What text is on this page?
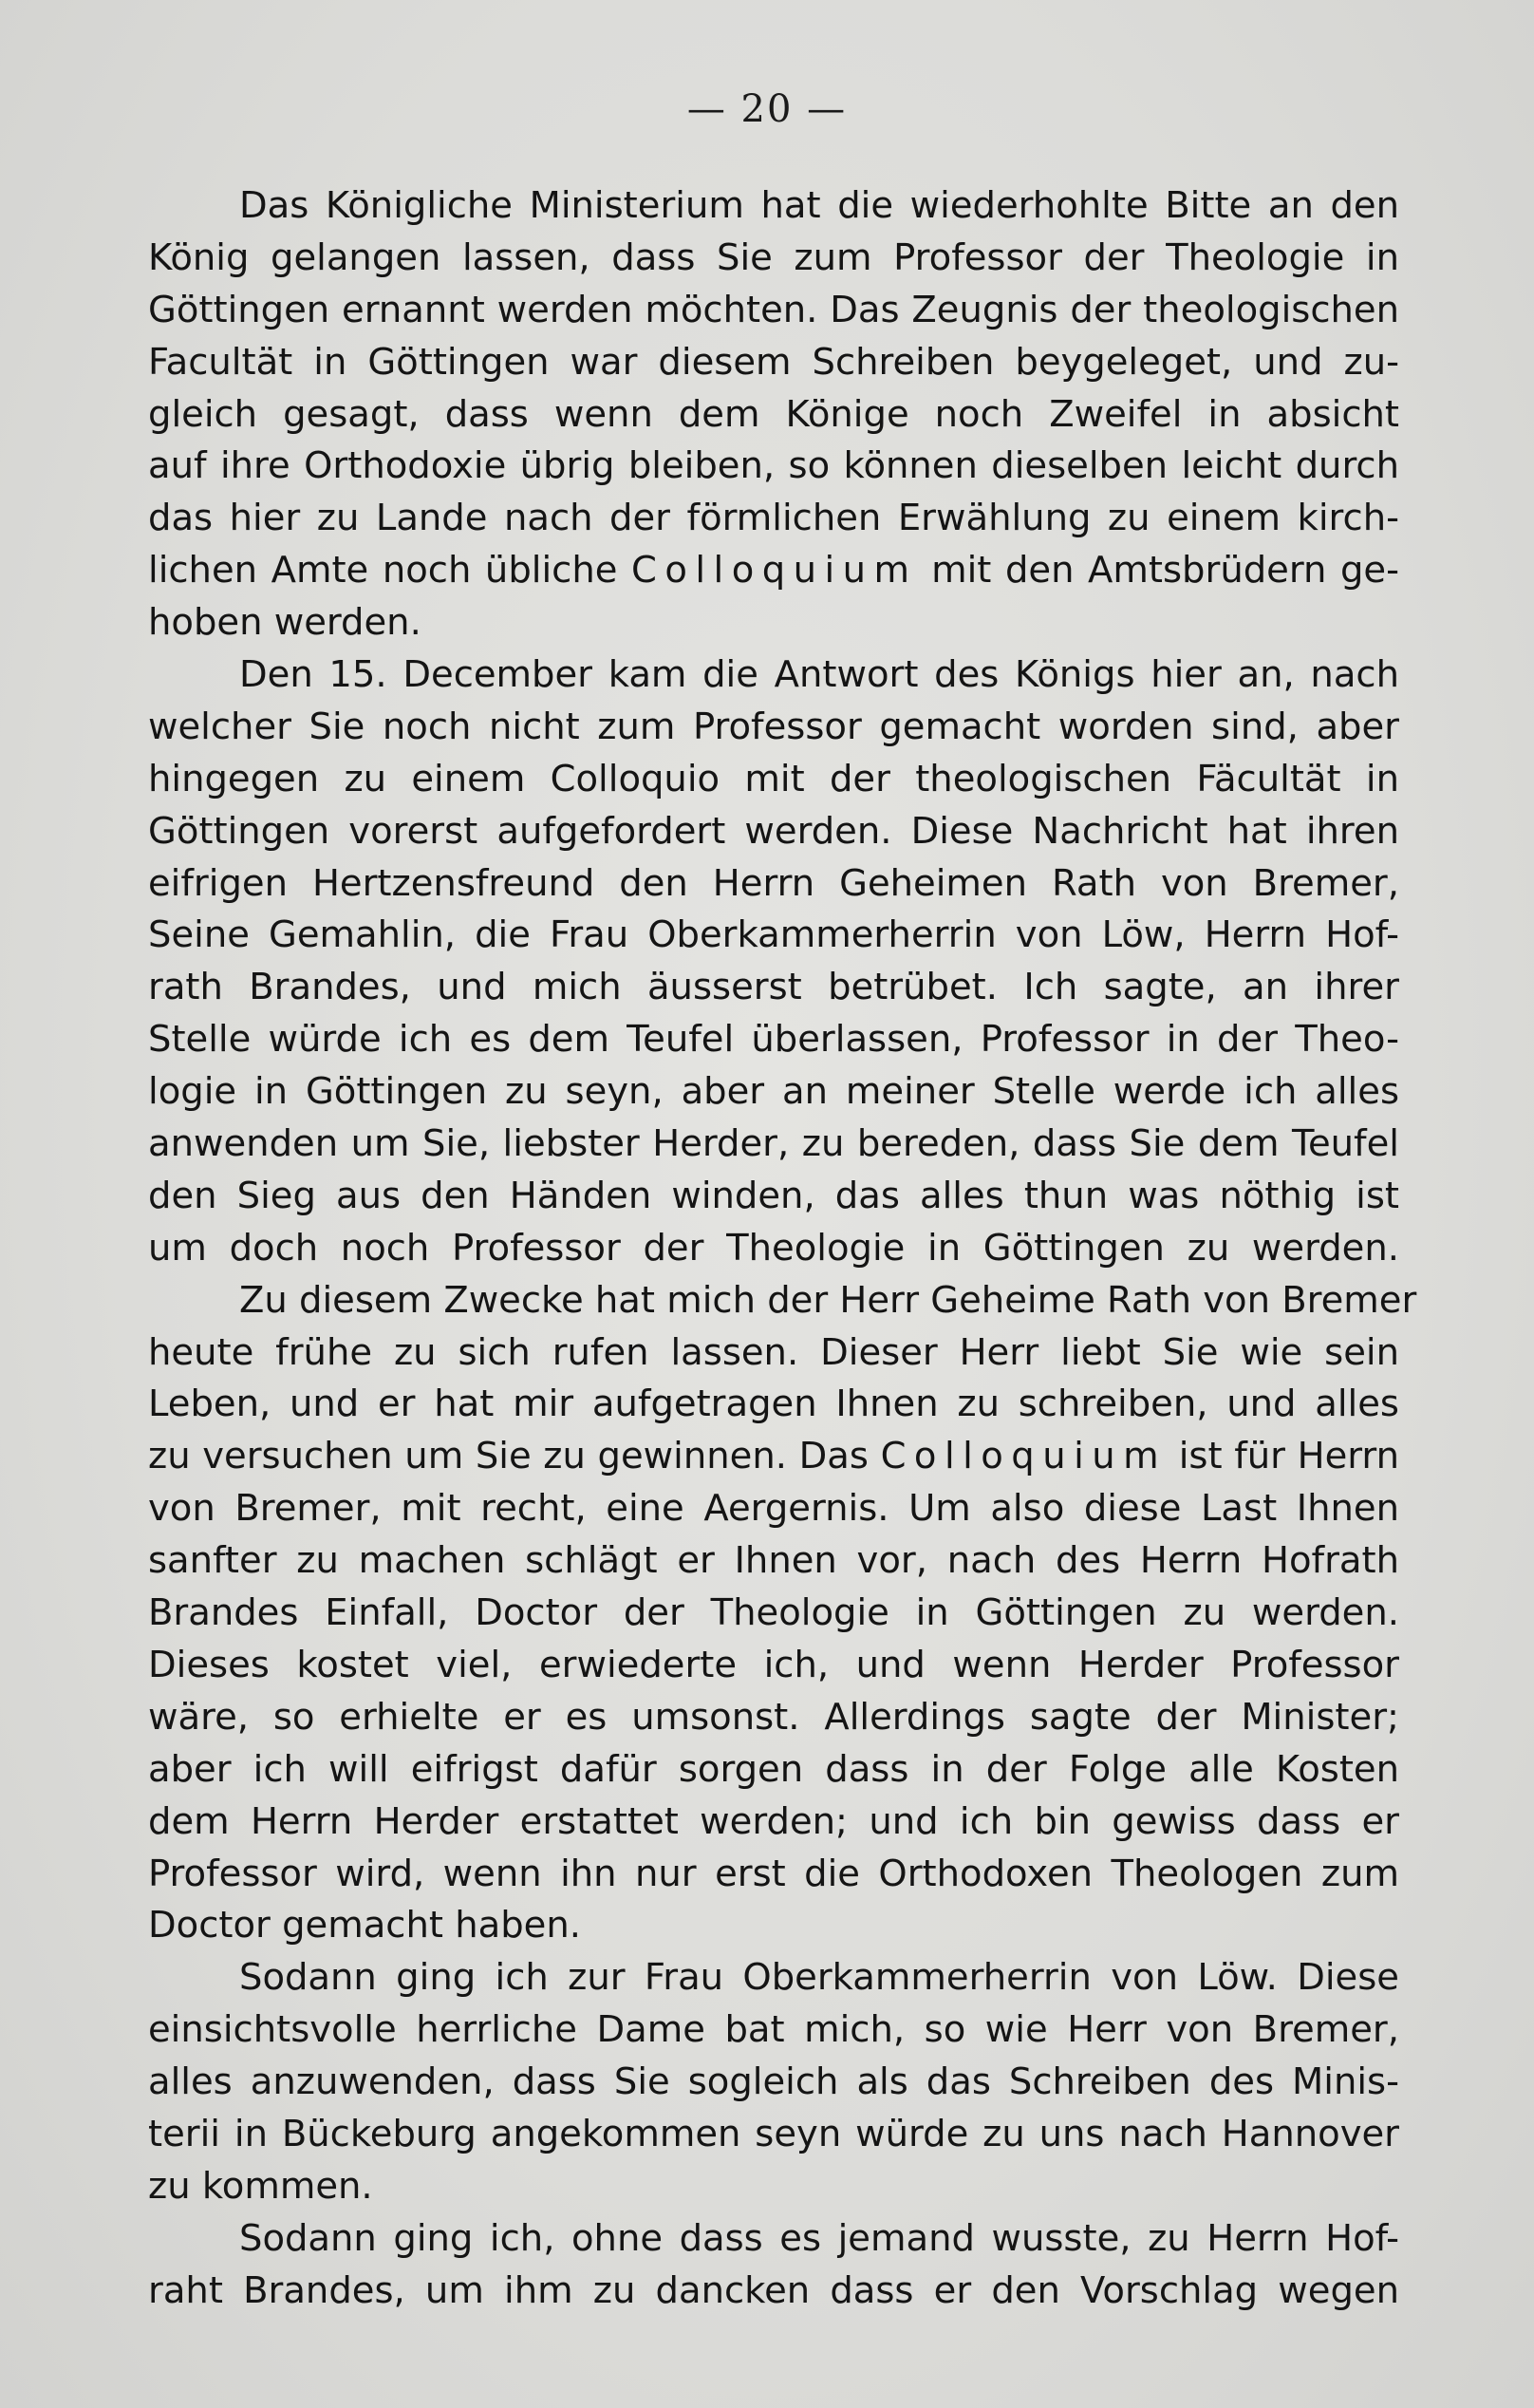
— 20 —
Das Königliche Ministerium hat die wiederhohlte Bitte an den
König gelangen lassen, dass Sie zum Professor der Theologie in
Göttingen ernannt werden möchten. Das Zeugnis der theologischen
Facultät in Göttingen war diesem Schreiben beygeleget, und zu-
gleich gesagt, dass wenn dem Könige noch Zweifel in absicht
auf ihre Orthodoxie übrig bleiben, so können dieselben leicht durch
das hier zu Lande nach der förmlichen Erwählung zu einem kirch-
lichen Amte noch übliche Colloquium mit den Amtsbrüdern ge-
hoben werden.
Den 15. December kam die Antwort des Königs hier an, nach
welcher Sie noch nicht zum Professor gemacht worden sind, aber
hingegen zu einem Colloquio mit der theologischen Fäcultät in
Göttingen vorerst aufgefordert werden. Diese Nachricht hat ihren
eifrigen Hertzensfreund den Herrn Geheimen Rath von Bremer,
Seine Gemahlin, die Frau Oberkammerherrin von Löw, Herrn Hof-
rath Brandes, und mich äusserst betrübet. Ich sagte, an ihrer
Stelle würde ich es dem Teufel überlassen, Professor in der Theo-
logie in Göttingen zu seyn, aber an meiner Stelle werde ich alles
anwenden um Sie, liebster Herder, zu bereden, dass Sie dem Teufel
den Sieg aus den Händen winden, das alles thun was nöthig ist
um doch noch Professor der Theologie in Göttingen zu werden.
Zu diesem Zwecke hat mich der Herr Geheime Rath von Bremer
heute frühe zu sich rufen lassen. Dieser Herr liebt Sie wie sein
Leben, und er hat mir aufgetragen Ihnen zu schreiben, und alles
zu versuchen um Sie zu gewinnen. Das Colloquium ist für Herrn
von Bremer, mit recht, eine Aergernis. Um also diese Last Ihnen
sanfter zu machen schlägt er Ihnen vor, nach des Herrn Hofrath
Brandes Einfall, Doctor der Theologie in Göttingen zu werden.
Dieses kostet viel, erwiederte ich, und wenn Herder Professor
wäre, so erhielte er es umsonst. Allerdings sagte der Minister;
aber ich will eifrigst dafür sorgen dass in der Folge alle Kosten
dem Herrn Herder erstattet werden; und ich bin gewiss dass er
Professor wird, wenn ihn nur erst die Orthodoxen Theologen zum
Doctor gemacht haben.
Sodann ging ich zur Frau Oberkammerherrin von Löw. Diese
einsichtsvolle herrliche Dame bat mich, so wie Herr von Bremer,
alles anzuwenden, dass Sie sogleich als das Schreiben des Minis-
terii in Bückeburg angekommen seyn würde zu uns nach Hannover
zu kommen.
Sodann ging ich, ohne dass es jemand wusste, zu Herrn Hof-
raht Brandes, um ihm zu dancken dass er den Vorschlag wegen
